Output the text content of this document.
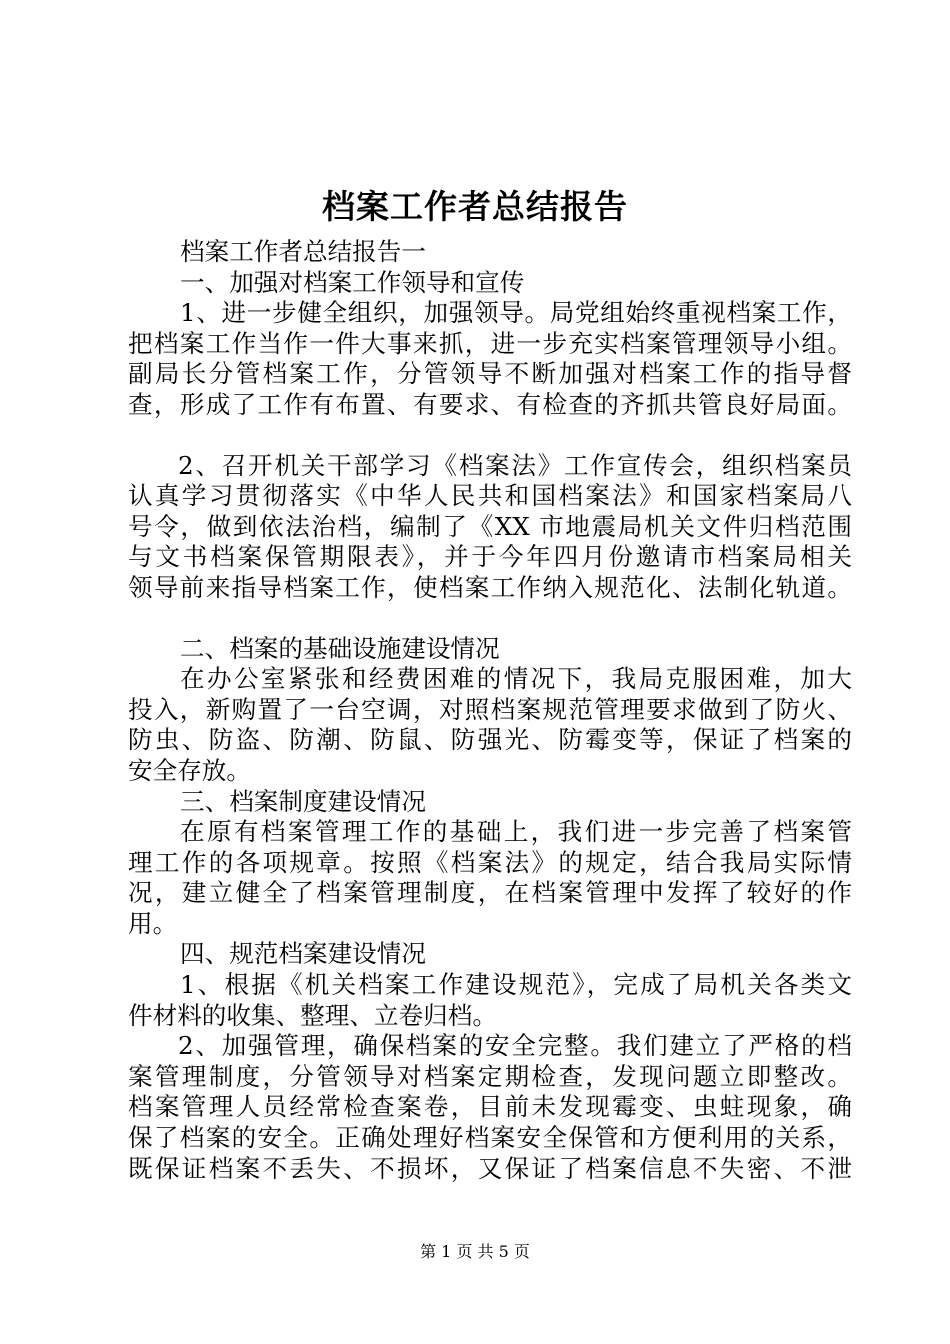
档案工作者总结报告
档案工作者总结报告一
一、加强对档案工作领导和宣传
1、进一步健全组织，加强领导。局党组始终重视档案工作，
把档案工作当作一件大事来抓，进一步充实档案管理领导小组。
副局长分管档案工作，分管领导不断加强对档案工作的指导督
查，形成了工作有布置、有要求、有检查的齐抓共管良好局面。
2、召开机关干部学习《档案法》工作宣传会，组织档案员
认真学习贯彻落实《中华人民共和国档案法》和国家档案局八
号令，做到依法治档，编制了《XX 市地震局机关文件归档范围
与文书档案保管期限表》，并于今年四月份邀请市档案局相关
领导前来指导档案工作，使档案工作纳入规范化、法制化轨道。
二、档案的基础设施建设情况
在办公室紧张和经费困难的情况下，我局克服困难，加大
投入，新购置了一台空调，对照档案规范管理要求做到了防火、
防虫、防盗、防潮、防鼠、防强光、防霉变等，保证了档案的
安全存放。
三、档案制度建设情况
在原有档案管理工作的基础上，我们进一步完善了档案管
理工作的各项规章。按照《档案法》的规定，结合我局实际情
况，建立健全了档案管理制度，在档案管理中发挥了较好的作
用。
四、规范档案建设情况
1、根据《机关档案工作建设规范》，完成了局机关各类文
件材料的收集、整理、立卷归档。
2、加强管理，确保档案的安全完整。我们建立了严格的档
案管理制度，分管领导对档案定期检查，发现问题立即整改。
档案管理人员经常检查案卷，目前未发现霉变、虫蛀现象，确
保了档案的安全。正确处理好档案安全保管和方便利用的关系，
既保证档案不丢失、不损坏，又保证了档案信息不失密、不泄
第 1 页 共 5 页
